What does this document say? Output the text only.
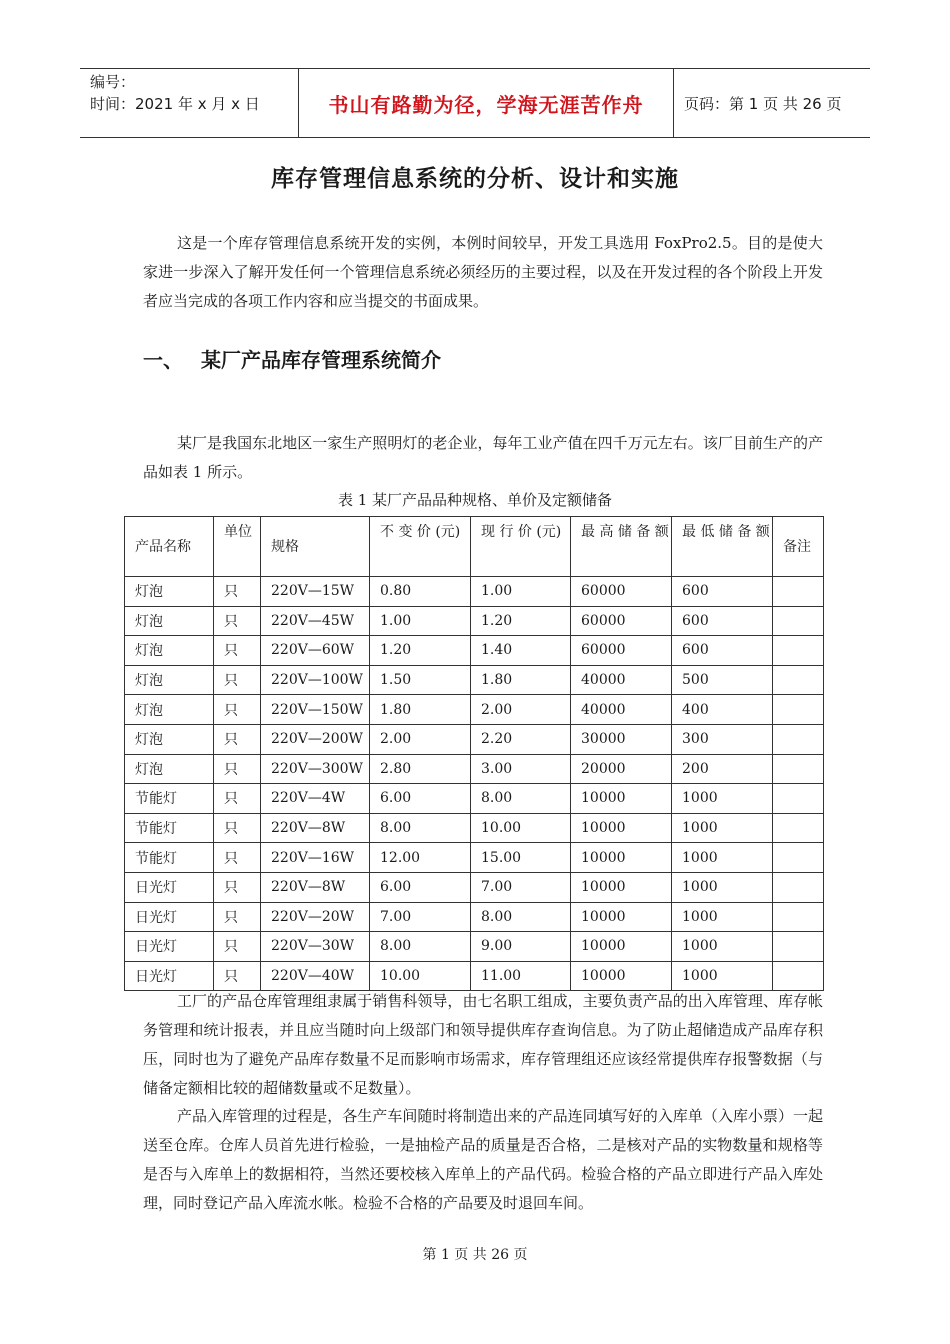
编号：
时间：2021 年 x 月 x 日	书山有路勤为径，学海无涯苦作舟	页码：第 1 页 共 26 页
库存管理信息系统的分析、设计和实施

这是一个库存管理信息系统开发的实例，本例时间较早，开发工具选用 FoxPro2.5。目的是使大家进一步深入了解开发任何一个管理信息系统必须经历的主要过程，以及在开发过程的各个阶段上开发者应当完成的各项工作内容和应当提交的书面成果。

一、 某厂产品库存管理系统简介

某厂是我国东北地区一家生产照明灯的老企业，每年工业产值在四千万元左右。该厂目前生产的产品如表 1 所示。

表 1 某厂产品品种规格、单价及定额储备
产品名称	单位	规格	不 变 价 (元)	现 行 价 (元)	最 高 储 备 额	最 低 储 备 额	备注
灯泡	只	220V—15W	0.80	1.00	60000	600	
灯泡	只	220V—45W	1.00	1.20	60000	600	
灯泡	只	220V—60W	1.20	1.40	60000	600	
灯泡	只	220V—100W	1.50	1.80	40000	500	
灯泡	只	220V—150W	1.80	2.00	40000	400	
灯泡	只	220V—200W	2.00	2.20	30000	300	
灯泡	只	220V—300W	2.80	3.00	20000	200	
节能灯	只	220V—4W	6.00	8.00	10000	1000	
节能灯	只	220V—8W	8.00	10.00	10000	1000	
节能灯	只	220V—16W	12.00	15.00	10000	1000	
日光灯	只	220V—8W	6.00	7.00	10000	1000	
日光灯	只	220V—20W	7.00	8.00	10000	1000	
日光灯	只	220V—30W	8.00	9.00	10000	1000	
日光灯	只	220V—40W	10.00	11.00	10000	1000	

工厂的产品仓库管理组隶属于销售科领导，由七名职工组成，主要负责产品的出入库管理、库存帐务管理和统计报表，并且应当随时向上级部门和领导提供库存查询信息。为了防止超储造成产品库存积压，同时也为了避免产品库存数量不足而影响市场需求，库存管理组还应该经常提供库存报警数据（与储备定额相比较的超储数量或不足数量）。

产品入库管理的过程是，各生产车间随时将制造出来的产品连同填写好的入库单（入库小票）一起送至仓库。仓库人员首先进行检验，一是抽检产品的质量是否合格，二是核对产品的实物数量和规格等是否与入库单上的数据相符，当然还要校核入库单上的产品代码。检验合格的产品立即进行产品入库处理，同时登记产品入库流水帐。检验不合格的产品要及时退回车间。

第 1 页 共 26 页
